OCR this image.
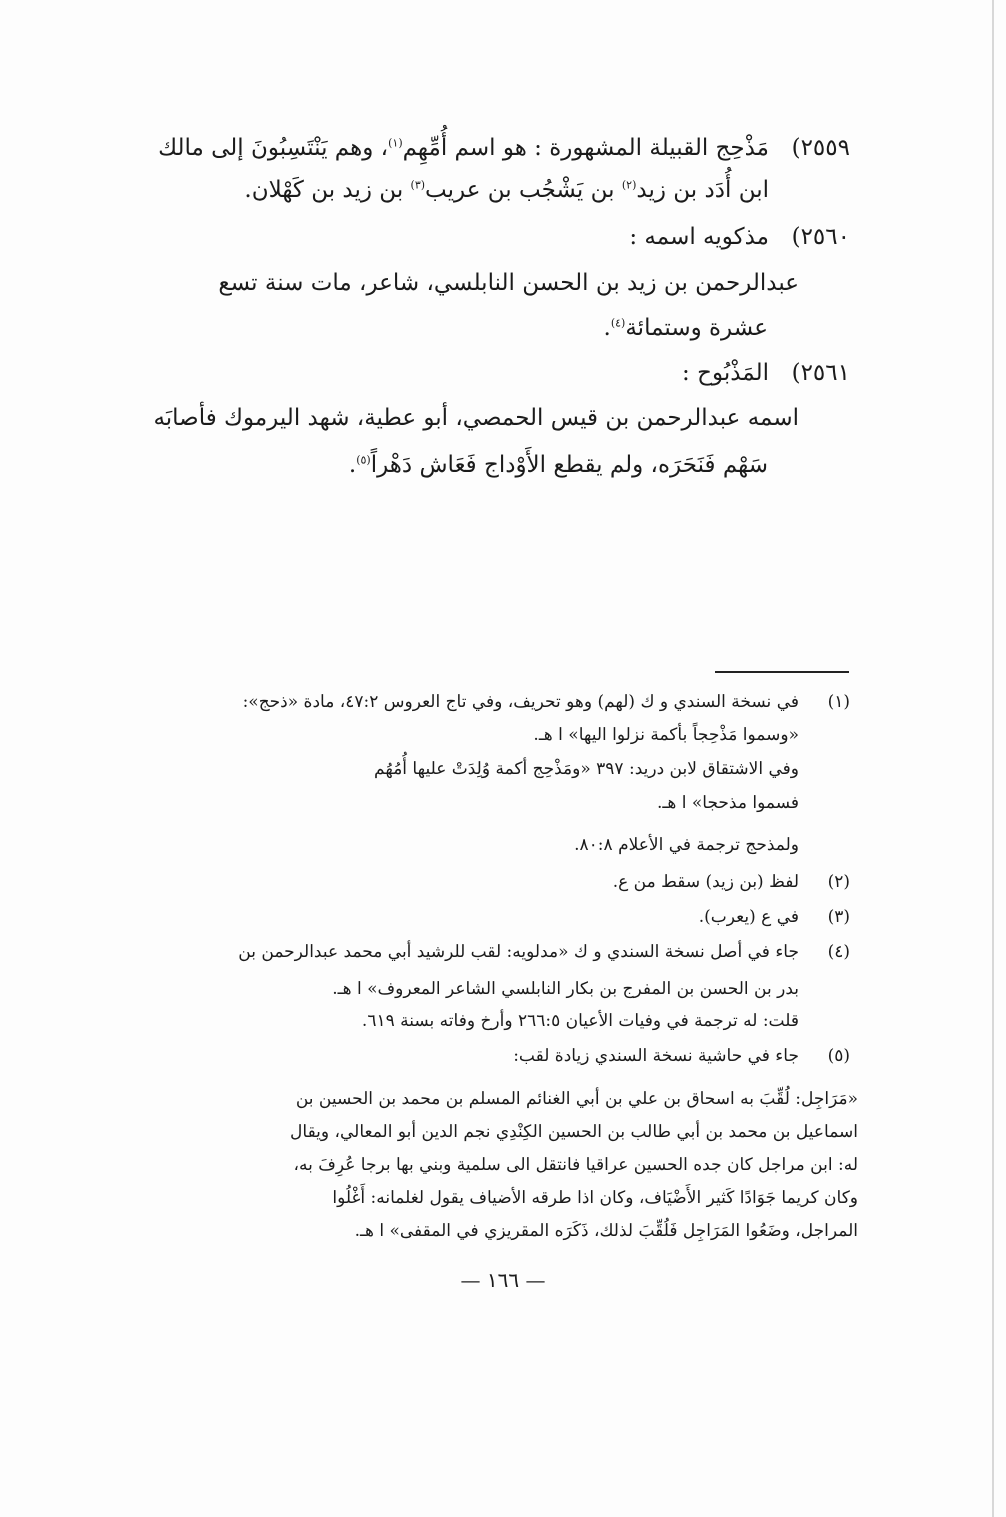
٢٥٥٩)
مَذْحِج القبيلة المشهورة : هو اسم أُمِّهِم$^{(١)}$، وهم يَنْتَسِبُونَ إلى مالك
ابن أُدَد بن زيد$^{(٢)}$ بن يَشْجُب بن عريب$^{(٣)}$ بن زيد بن كَهْلان.
٢٥٦٠)
مذكويه اسمه :
عبدالرحمن بن زيد بن الحسن النابلسي، شاعر، مات سنة تسع
عشرة وستمائة$^{(٤)}$.
٢٥٦١)
المَذْبُوح :
اسمه عبدالرحمن بن قيس الحمصي، أبو عطية، شهد اليرموك فأصابَه
سَهْم فَنَحَرَه، ولم يقطع الأَوْداج فَعَاش دَهْراً$^{(٥)}$.
(١)
في نسخة السندي و ك (لهم) وهو تحريف، وفي تاج العروس ٤٧:٢، مادة «ذحج»:
«وسموا مَذْحِجاً بأكمة نزلوا اليها» ا هـ.
وفي الاشتقاق لابن دريد: ٣٩٧ «ومَذْحِج أكمة وُلِدَتْ عليها أُمُهُم
فسموا مذحجا» ا هـ.
ولمذحج ترجمة في الأعلام ٨٠:٨.
(٢)
لفظ (بن زيد) سقط من ع.
(٣)
في ع (يعرب).
(٤)
جاء في أصل نسخة السندي و ك «مدلويه: لقب للرشيد أبي محمد عبدالرحمن بن
بدر بن الحسن بن المفرج بن بكار النابلسي الشاعر المعروف» ا هـ.
قلت: له ترجمة في وفيات الأعيان ٢٦٦:٥ وأرخ وفاته بسنة ٦١٩.
(٥)
جاء في حاشية نسخة السندي زيادة لقب:
«مَرَاجِل: لُقِّبَ به اسحاق بن علي بن أبي الغنائم المسلم بن محمد بن الحسين بن
اسماعيل بن محمد بن أبي طالب بن الحسين الكِنْدِي نجم الدين أبو المعالي، ويقال
له: ابن مراجل كان جده الحسين عراقيا فانتقل الى سلمية وبني بها برجا عُرِفَ به،
وكان كريما جَوَادًا كَثير الأَضْيَاف، وكان اذا طرقه الأضياف يقول لغلمانه: أَغْلُوا
المراجل، وضَعُوا المَرَاجِل فَلُقِّبَ لذلك، ذَكَرَه المقريزي في المقفى» ا هـ.
— ١٦٦ —
